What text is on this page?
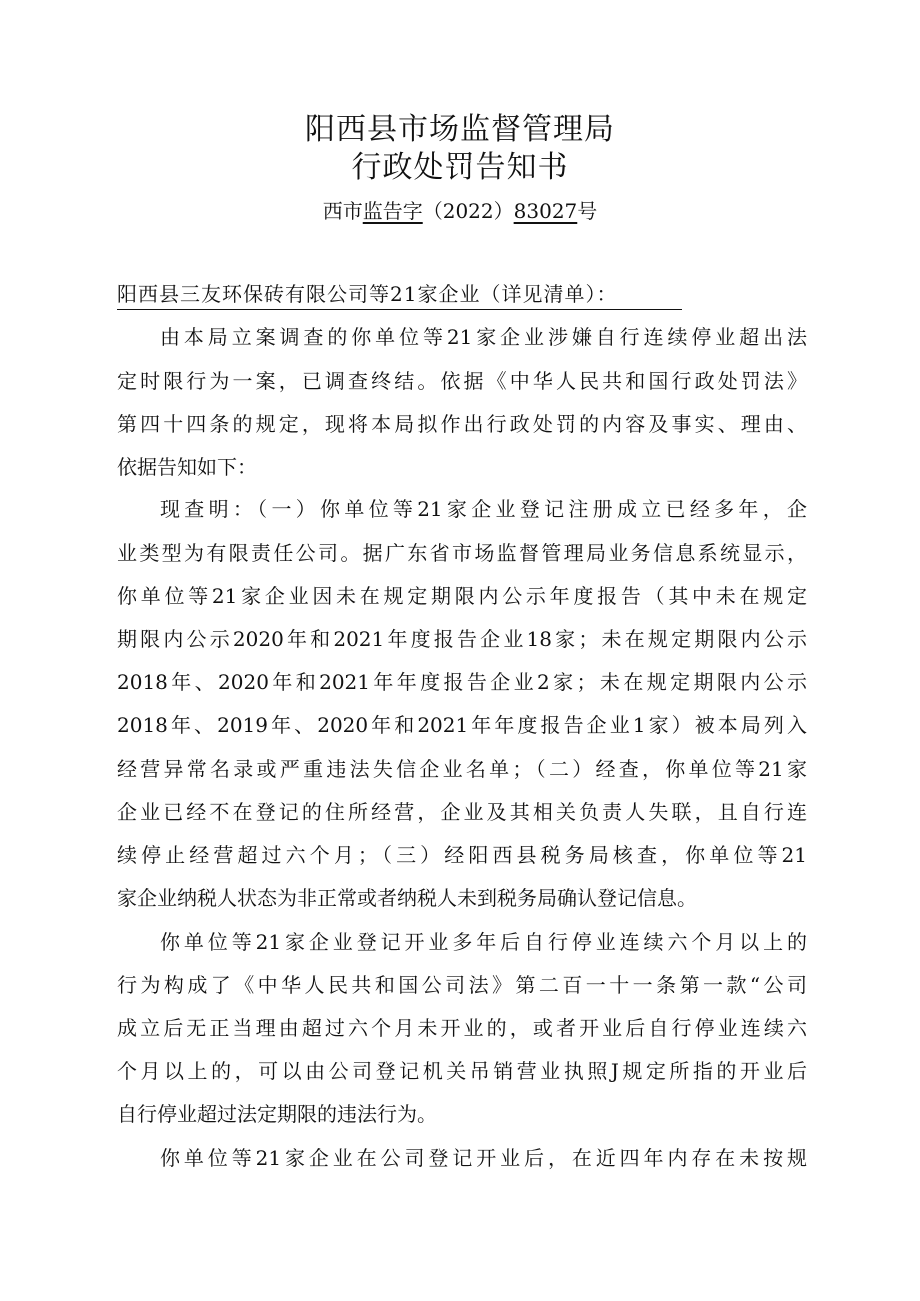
阳西县市场监督管理局
行政处罚告知书
西市监告字（2022）83027号
阳西县三友环保砖有限公司等21家企业（详见清单）：
由本局立案调查的你单位等21家企业涉嫌自行连续停业超出法
定时限行为一案，已调查终结。依据《中华人民共和国行政处罚法》
第四十四条的规定，现将本局拟作出行政处罚的内容及事实、理由、
依据告知如下：
现查明：（一）你单位等21家企业登记注册成立已经多年，企
业类型为有限责任公司。据广东省市场监督管理局业务信息系统显示，
你单位等21家企业因未在规定期限内公示年度报告（其中未在规定
期限内公示2020年和2021年度报告企业18家；未在规定期限内公示
2018年、2020年和2021年年度报告企业2家；未在规定期限内公示
2018年、2019年、2020年和2021年年度报告企业1家）被本局列入
经营异常名录或严重违法失信企业名单；（二）经查，你单位等21家
企业已经不在登记的住所经营，企业及其相关负责人失联，且自行连
续停止经营超过六个月；（三）经阳西县税务局核查，你单位等21
家企业纳税人状态为非正常或者纳税人未到税务局确认登记信息。
你单位等21家企业登记开业多年后自行停业连续六个月以上的
行为构成了《中华人民共和国公司法》第二百一十一条第一款“公司
成立后无正当理由超过六个月未开业的，或者开业后自行停业连续六
个月以上的，可以由公司登记机关吊销营业执照J规定所指的开业后
自行停业超过法定期限的违法行为。
你单位等21家企业在公司登记开业后，在近四年内存在未按规
